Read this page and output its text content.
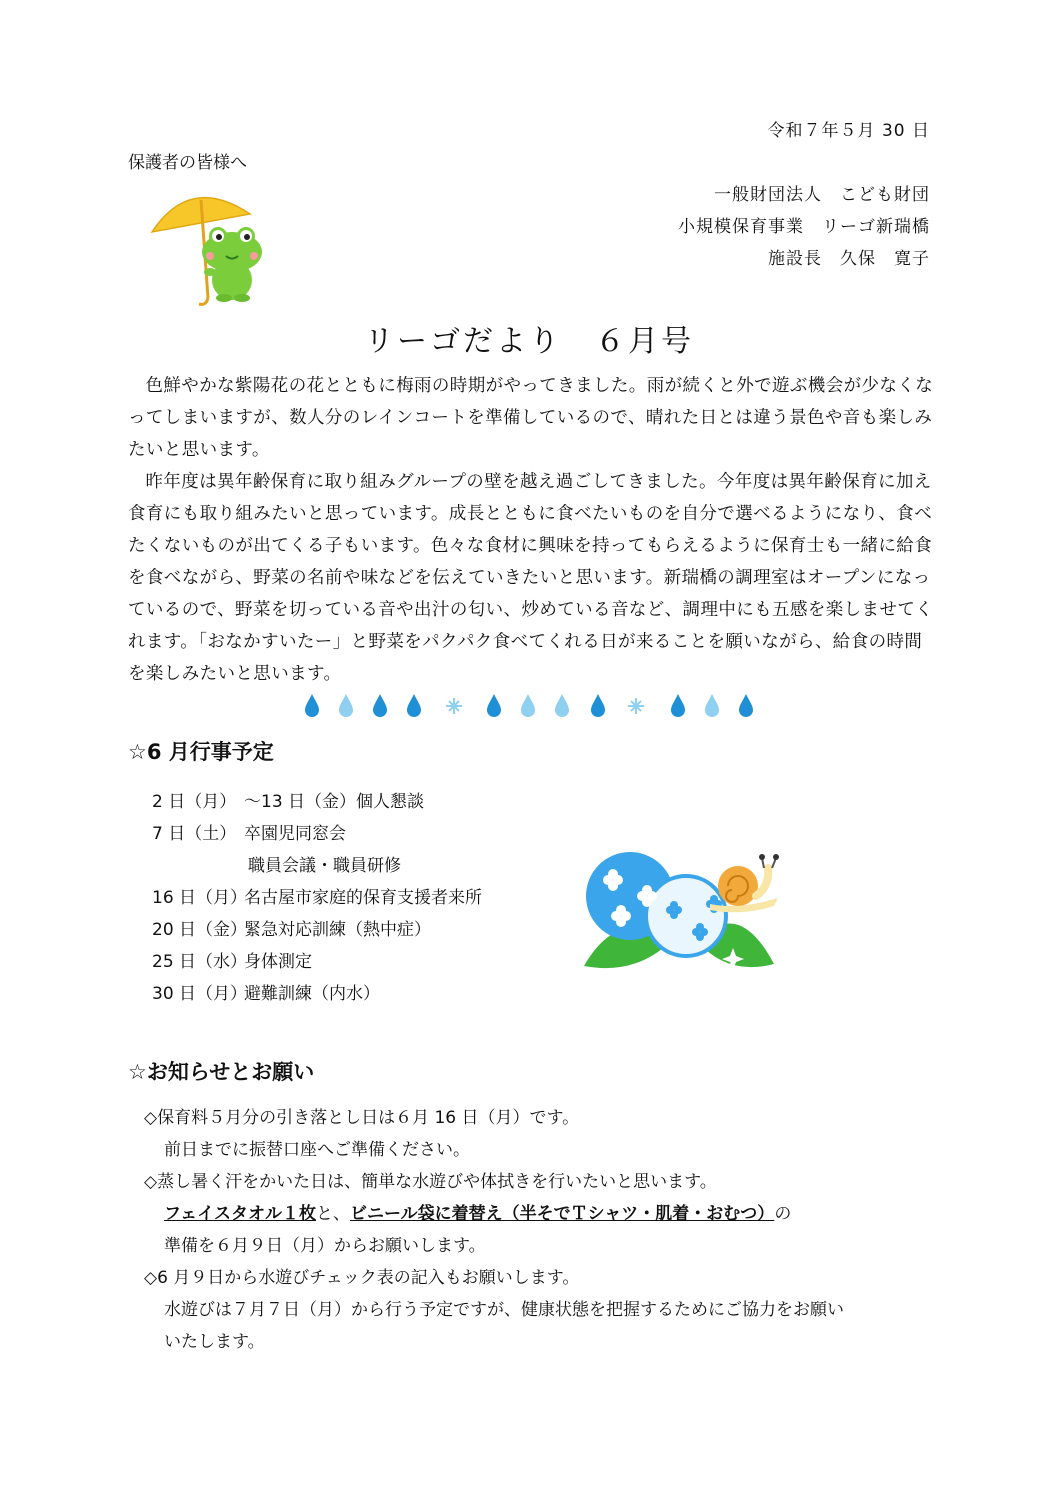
令和７年５月 30 日
保護者の皆様へ
一般財団法人　こども財団
小規模保育事業　リーゴ新瑞橋
施設長　久保　寛子
リーゴだより　６月号

色鮮やかな紫陽花の花とともに梅雨の時期がやってきました。雨が続くと外で遊ぶ機会が少なくなってしまいますが、数人分のレインコートを準備しているので、晴れた日とは違う景色や音も楽しみたいと思います。

昨年度は異年齢保育に取り組みグループの壁を越え過ごしてきました。今年度は異年齢保育に加え食育にも取り組みたいと思っています。成長とともに食べたいものを自分で選べるようになり、食べたくないものが出てくる子もいます。色々な食材に興味を持ってもらえるように保育士も一緒に給食を食べながら、野菜の名前や味などを伝えていきたいと思います。新瑞橋の調理室はオープンになっているので、野菜を切っている音や出汁の匂い、炒めている音など、調理中にも五感を楽しませてくれます。「おなかすいたー」と野菜をパクパク食べてくれる日が来ることを願いながら、給食の時間を楽しみたいと思います。

☆6 月行事予定
2 日（月） ～13 日（金）個人懇談
7 日（土） 卒園児同窓会
職員会議・職員研修
16 日（月）
名古屋市家庭的保育支援者来所
20 日（金）
緊急対応訓練（熱中症）
25 日（水）
身体測定
30 日（月）
避難訓練（内水）
☆お知らせとお願い
◇保育料５月分の引き落とし日は６月 16 日（月）です。
前日までに振替口座へご準備ください。
◇蒸し暑く汗をかいた日は、簡単な水遊びや体拭きを行いたいと思います。
フェイスタオル１枚と、ビニール袋に着替え（半そでＴシャツ・肌着・おむつ）の
準備を６月９日（月）からお願いします。
◇6 月９日から水遊びチェック表の記入もお願いします。
水遊びは７月７日（月）から行う予定ですが、健康状態を把握するためにご協力をお願い
いたします。
